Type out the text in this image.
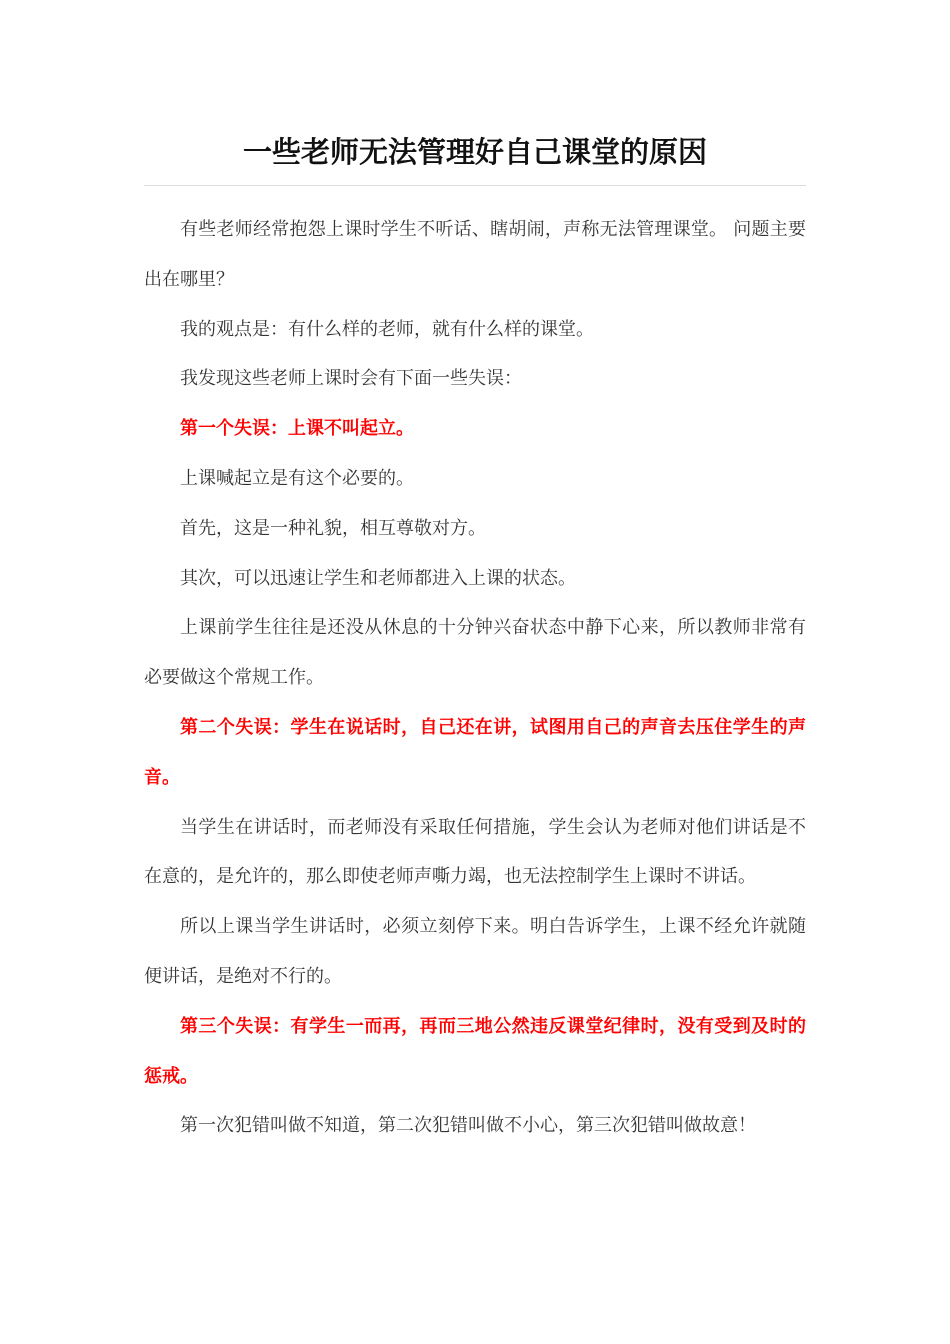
一些老师无法管理好自己课堂的原因

有些老师经常抱怨上课时学生不听话、瞎胡闹，声称无法管理课堂。 问题主要出在哪里？

我的观点是：有什么样的老师，就有什么样的课堂。

我发现这些老师上课时会有下面一些失误：

第一个失误：上课不叫起立。

上课喊起立是有这个必要的。

首先，这是一种礼貌，相互尊敬对方。

其次，可以迅速让学生和老师都进入上课的状态。

上课前学生往往是还没从休息的十分钟兴奋状态中静下心来，所以教师非常有必要做这个常规工作。

第二个失误：学生在说话时，自己还在讲，试图用自己的声音去压住学生的声音。

当学生在讲话时，而老师没有采取任何措施，学生会认为老师对他们讲话是不在意的，是允许的，那么即使老师声嘶力竭，也无法控制学生上课时不讲话。

所以上课当学生讲话时，必须立刻停下来。明白告诉学生，上课不经允许就随便讲话，是绝对不行的。

第三个失误：有学生一而再，再而三地公然违反课堂纪律时，没有受到及时的惩戒。

第一次犯错叫做不知道，第二次犯错叫做不小心，第三次犯错叫做故意！
